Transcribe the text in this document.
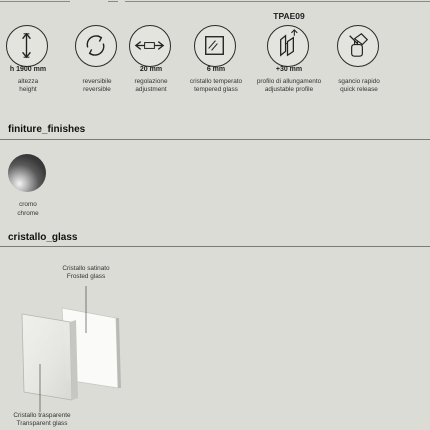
h 1900 mm
altezza
height
reversibile
reversible
20 mm
regolazione
adjustment
6 mm
cristallo temperato
tempered glass
TPAE09
+30 mm
profilo di allungamento
adjustable profile
sgancio rapido
quick release
finiture_finishes
cromo
chrome
cristallo_glass
Cristallo satinato
Frosted glass
Cristallo trasparente
Transparent glass
